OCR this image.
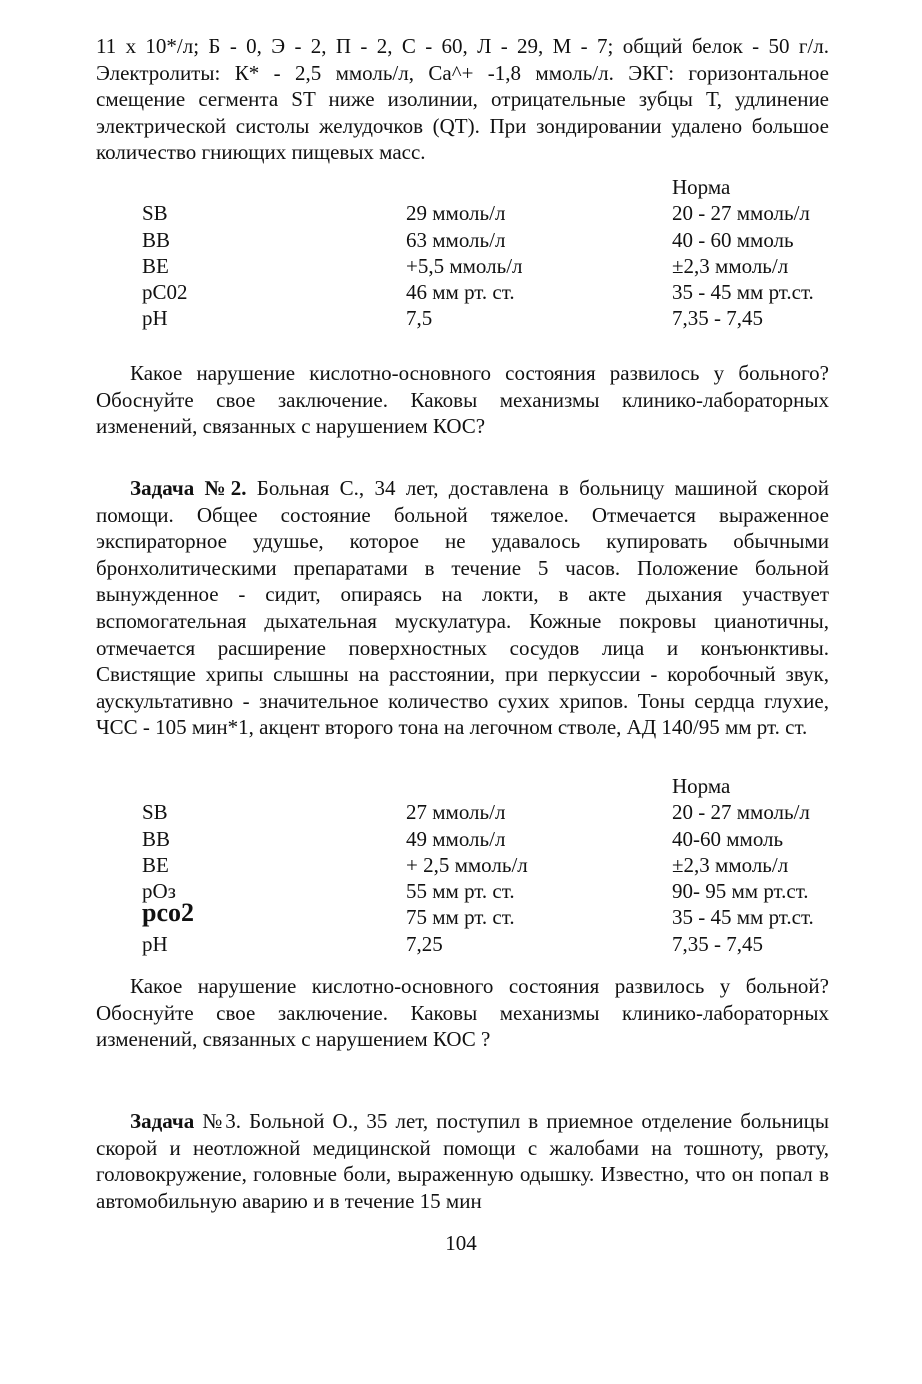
11 x 10*/л; Б - 0, Э - 2, П - 2, С - 60, Л - 29, М - 7; общий белок - 50 г/л. Электролиты: К* - 2,5 ммоль/л, Са^+ -1,8 ммоль/л. ЭКГ: горизонтальное смещение сегмента ST ниже изолинии, отрицательные зубцы Т, удлинение электрической систолы желудочков (QT). При зондировании удалено большое количество гниющих пищевых масс.

Норма
SB	29 ммоль/л	20 - 27 ммоль/л
BB	63 ммоль/л	40 - 60 ммоль
BE	+5,5 ммоль/л	±2,3 ммоль/л
pC02	46 мм рт. ст.	35 - 45 мм рт.ст.
pH	7,5	7,35 - 7,45

Какое нарушение кислотно-основного состояния развилось у больного? Обоснуйте свое заключение. Каковы механизмы клинико-лабораторных изменений, связанных с нарушением КОС?

Задача №2. Больная С., 34 лет, доставлена в больницу машиной скорой помощи. Общее состояние больной тяжелое. Отмечается выраженное экспираторное удушье, которое не удавалось купировать обычными бронхолитическими препаратами в течение 5 часов. Положение больной вынужденное - сидит, опираясь на локти, в акте дыхания участвует вспомогательная дыхательная мускулатура. Кожные покровы цианотичны, отмечается расширение поверхностных сосудов лица и конъюнктивы. Свистящие хрипы слышны на расстоянии, при перкуссии - коробочный звук, аускультативно - значительное количество сухих хрипов. Тоны сердца глухие, ЧСС - 105 мин*1, акцент второго тона на легочном стволе, АД 140/95 мм рт. ст.

Норма
SB	27 ммоль/л	20 - 27 ммоль/л
BB	49 ммоль/л	40-60 ммоль
BE	+ 2,5 ммоль/л	±2,3 ммоль/л
pOз	55 мм рт. ст.	90- 95 мм рт.ст.
pco2	75 мм рт. ст.	35 - 45 мм рт.ст.
pH	7,25	7,35 - 7,45

Какое нарушение кислотно-основного состояния развилось у больной? Обоснуйте свое заключение. Каковы механизмы клинико-лабораторных изменений, связанных с нарушением КОС ?

Задача №3. Больной О., 35 лет, поступил в приемное отделение больницы скорой и неотложной медицинской помощи с жалобами на тошноту, рвоту, головокружение, головные боли, выраженную одышку. Известно, что он попал в автомобильную аварию и в течение 15 мин

104
